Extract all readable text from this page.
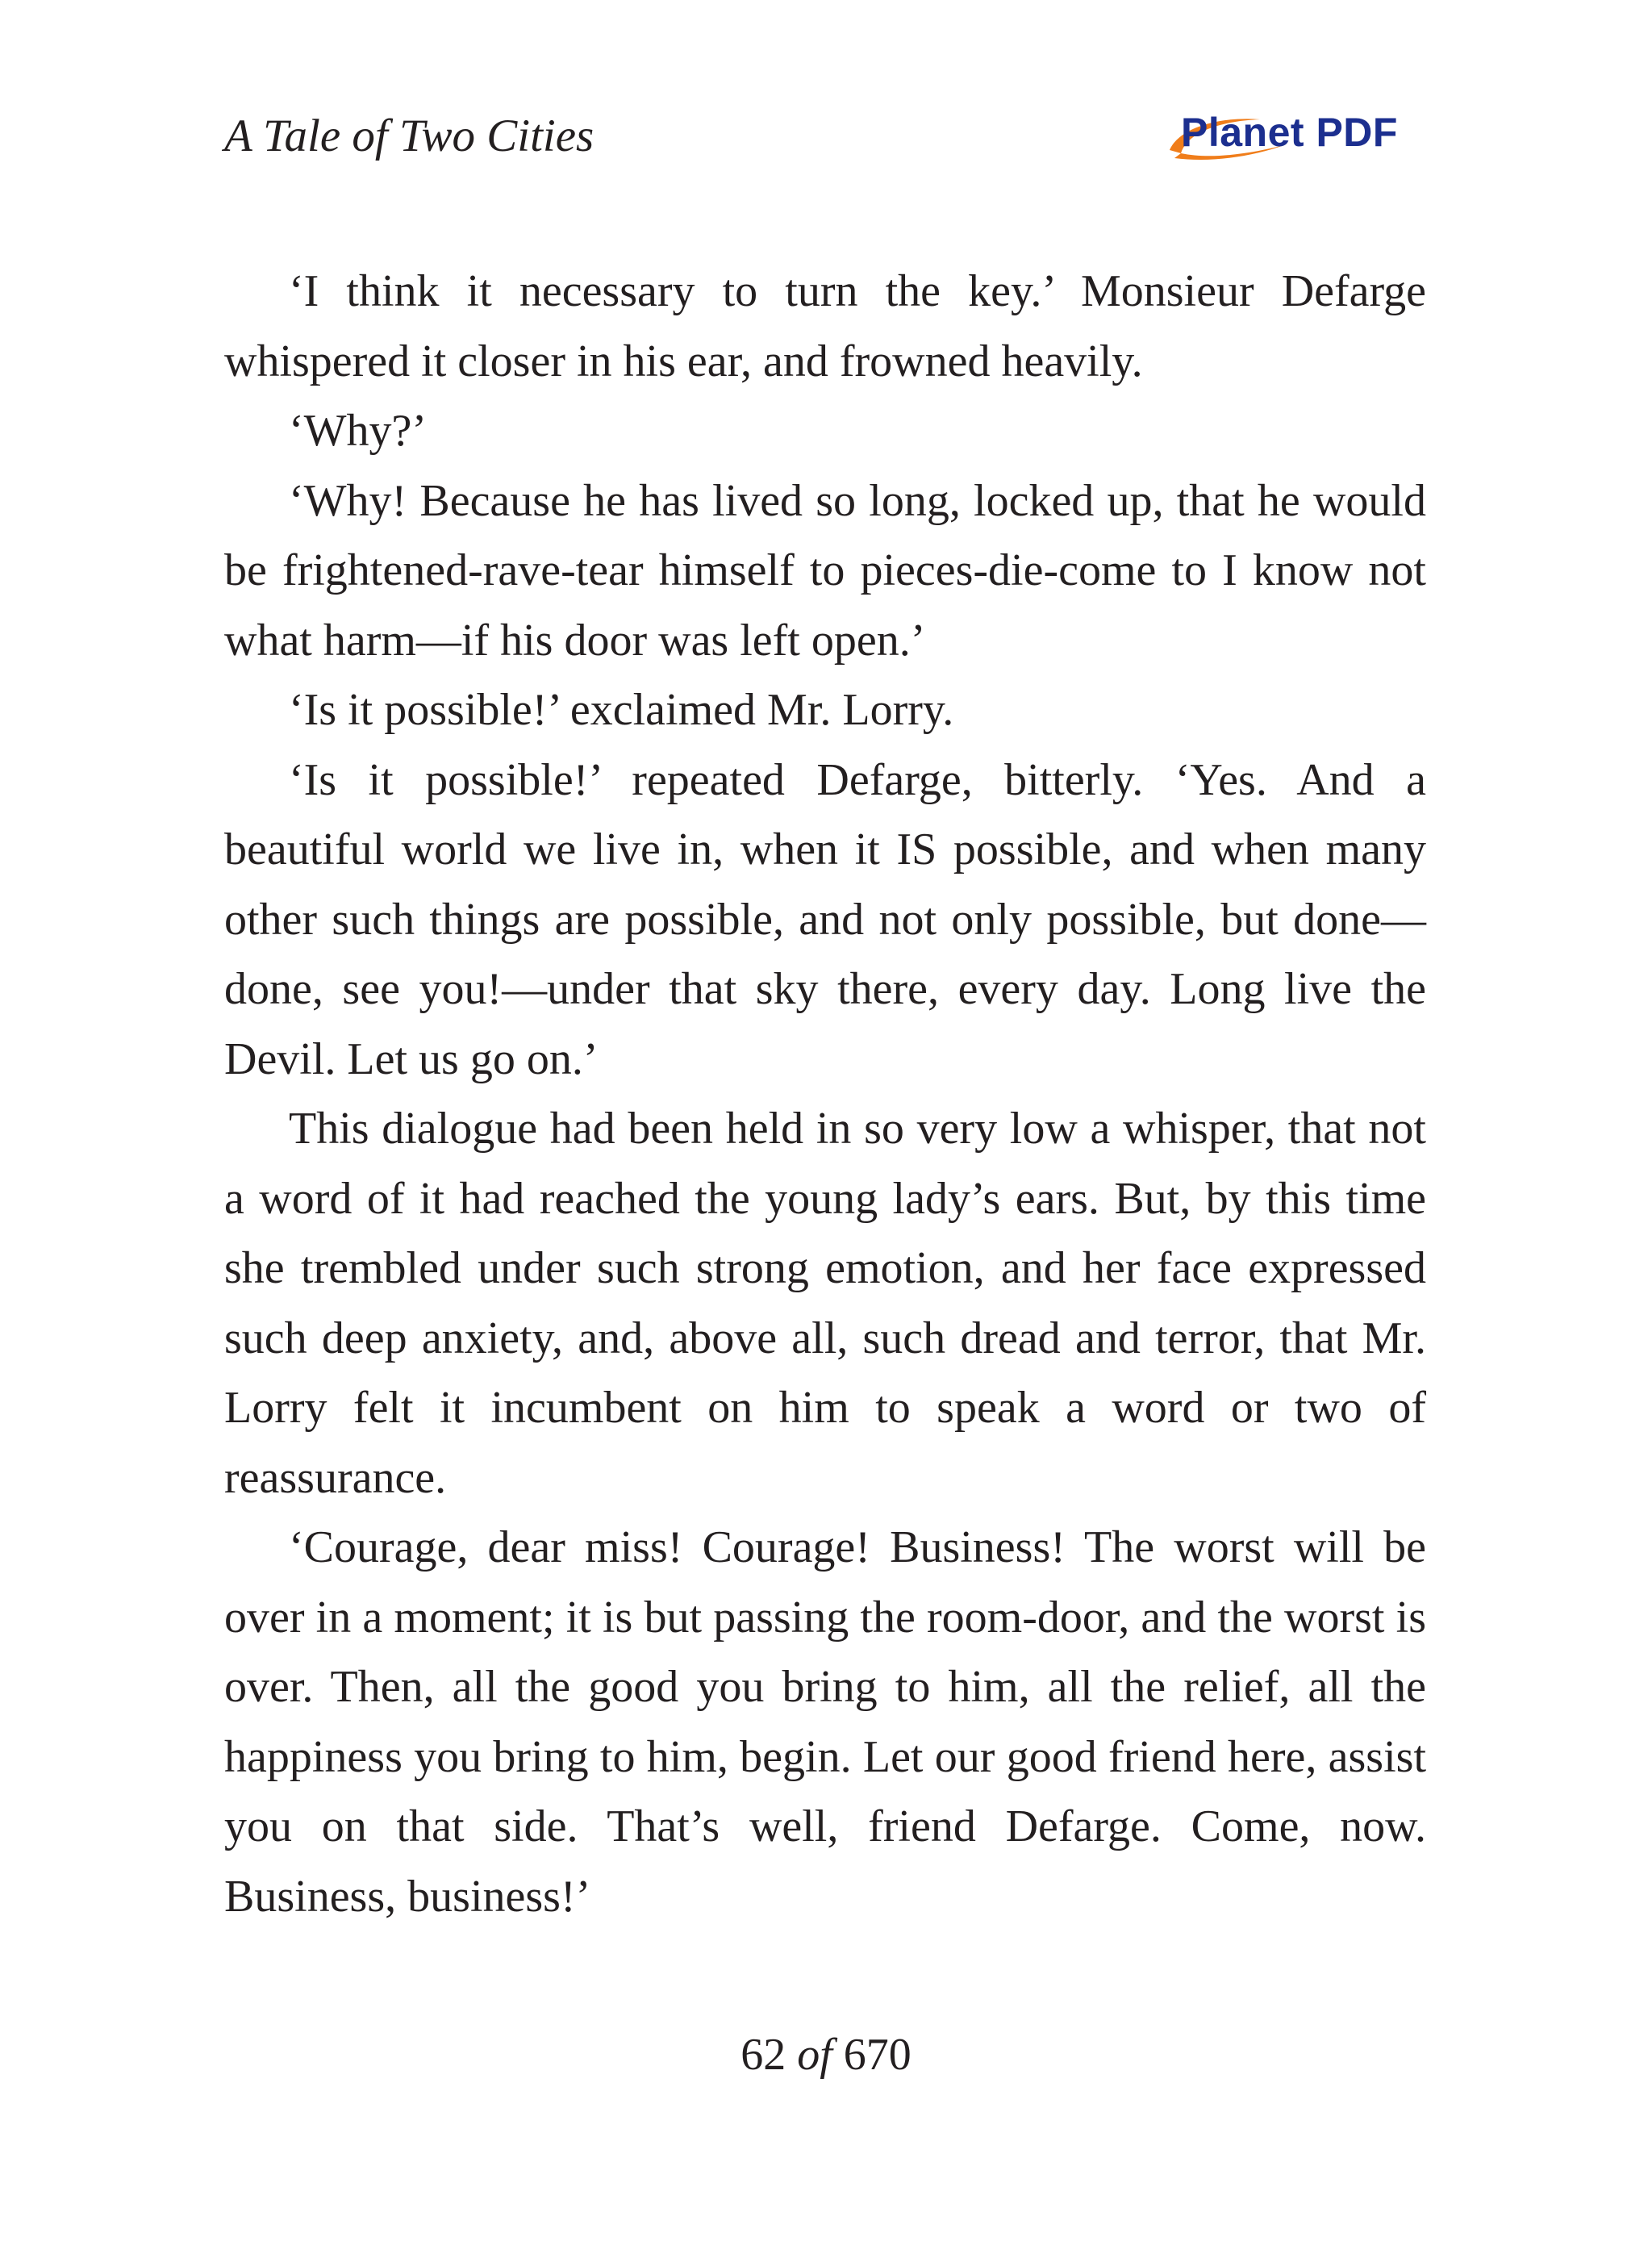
A Tale of Two Cities	Planet PDF

‘I think it necessary to turn the key.’ Monsieur Defarge whispered it closer in his ear, and frowned heavily.

‘Why?’

‘Why! Because he has lived so long, locked up, that he would be frightened-rave-tear himself to pieces-die-come to I know not what harm—if his door was left open.’

‘Is it possible!’ exclaimed Mr. Lorry.

‘Is it possible!’ repeated Defarge, bitterly. ‘Yes. And a beautiful world we live in, when it IS possible, and when many other such things are possible, and not only possible, but done—done, see you!—under that sky there, every day. Long live the Devil. Let us go on.’

This dialogue had been held in so very low a whisper, that not a word of it had reached the young lady’s ears. But, by this time she trembled under such strong emotion, and her face expressed such deep anxiety, and, above all, such dread and terror, that Mr. Lorry felt it incumbent on him to speak a word or two of reassurance.

‘Courage, dear miss! Courage! Business! The worst will be over in a moment; it is but passing the room-door, and the worst is over. Then, all the good you bring to him, all the relief, all the happiness you bring to him, begin. Let our good friend here, assist you on that side. That’s well, friend Defarge. Come, now. Business, business!’

62 of 670
